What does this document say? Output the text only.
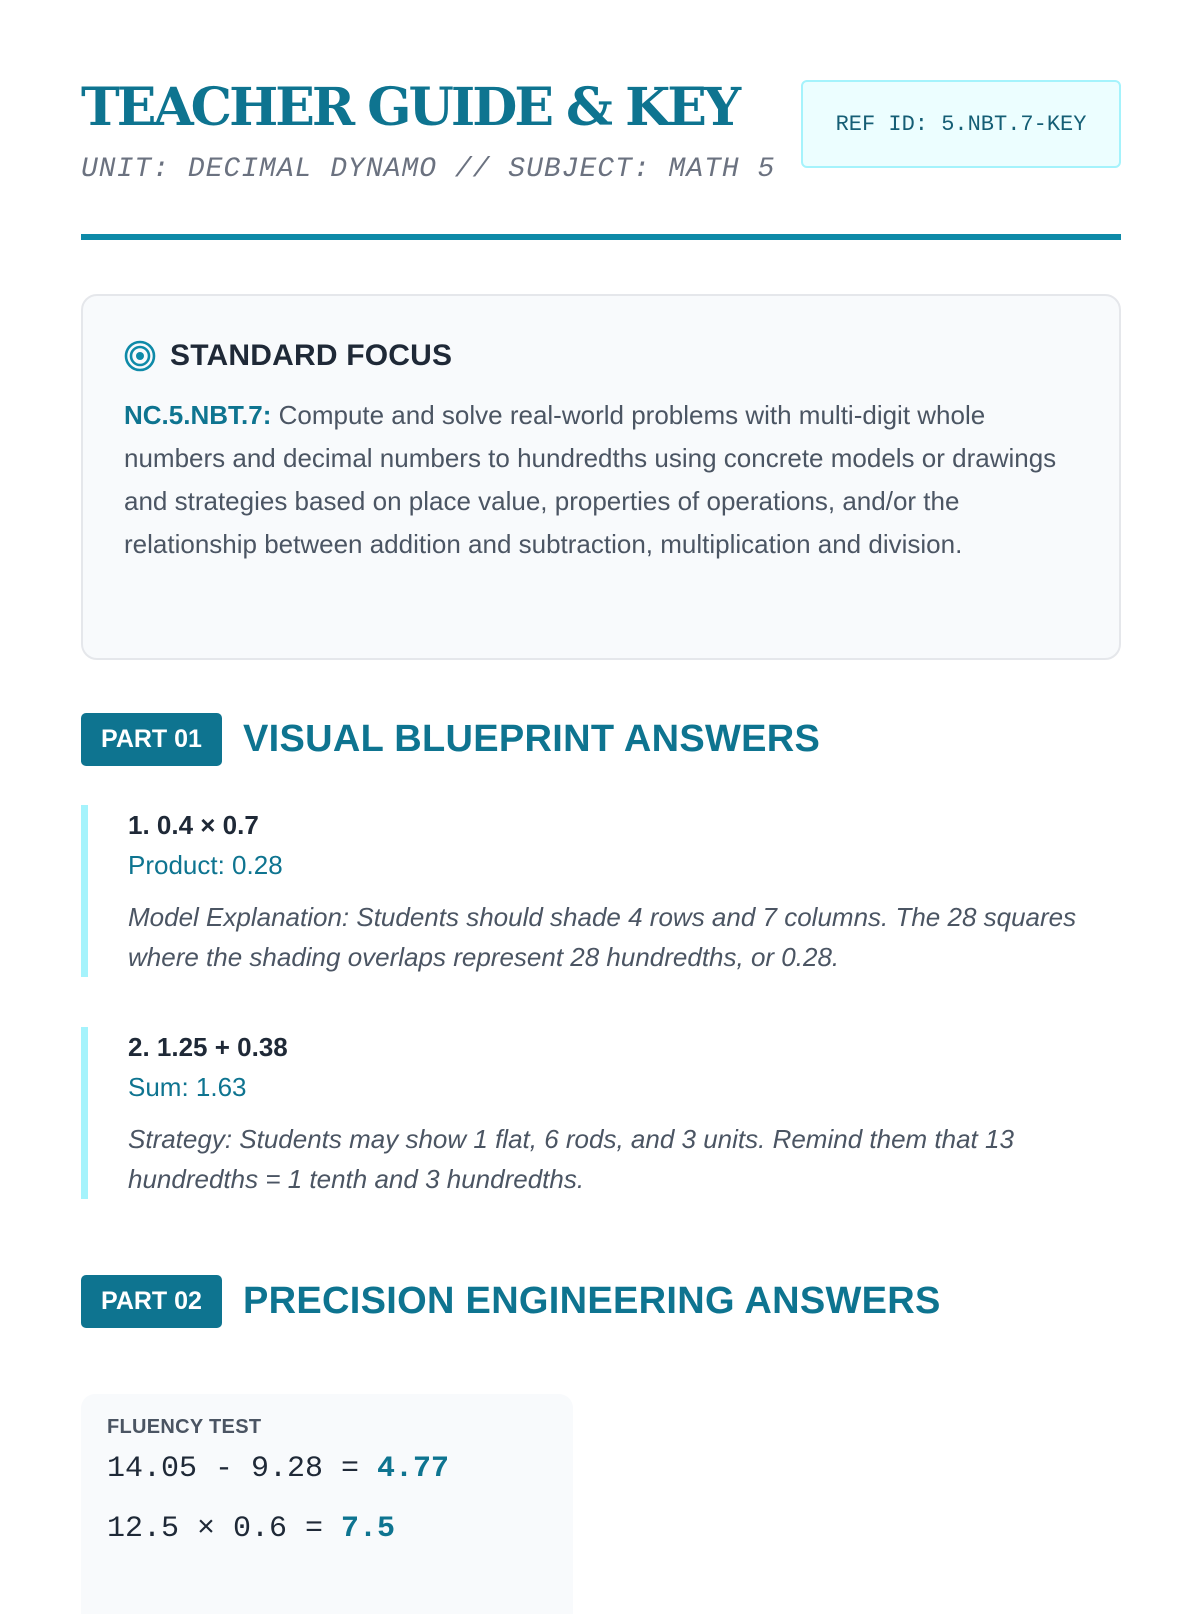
TEACHER GUIDE & KEY
UNIT: DECIMAL DYNAMO // SUBJECT: MATH 5
REF ID: 5.NBT.7-KEY
STANDARD FOCUS
NC.5.NBT.7: Compute and solve real-world problems with multi-digit whole numbers and decimal numbers to hundredths using concrete models or drawings and strategies based on place value, properties of operations, and/or the relationship between addition and subtraction, multiplication and division.
PART 01	VISUAL BLUEPRINT ANSWERS
1. 0.4 × 0.7
Product: 0.28
Model Explanation: Students should shade 4 rows and 7 columns. The 28 squares where the shading overlaps represent 28 hundredths, or 0.28.
2. 1.25 + 0.38
Sum: 1.63
Strategy: Students may show 1 flat, 6 rods, and 3 units. Remind them that 13 hundredths = 1 tenth and 3 hundredths.
PART 02	PRECISION ENGINEERING ANSWERS
FLUENCY TEST
14.05 - 9.28 = 4.77
12.5 × 0.6 = 7.5
